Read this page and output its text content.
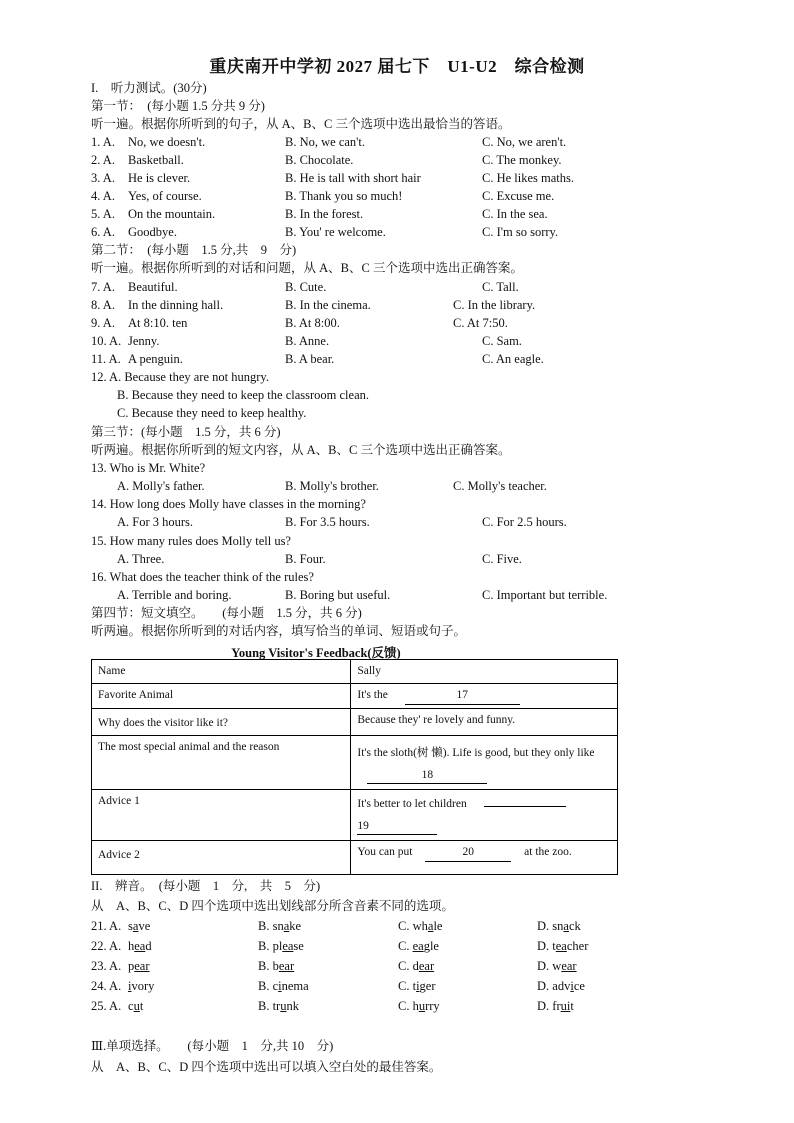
重庆南开中学初 2027 届七下　U1-U2　综合检测
I.　听力测试。(30分)
第一节：　(每小题 1.5 分共 9 分)
听一遍。根据你所听到的句子，从 A、B、C 三个选项中选出最恰当的答语。
1. A. No, we doesn't.	B. No, we can't.	C. No, we aren't.
2. A. Basketball.	B. Chocolate.	C. The monkey.
3. A. He is clever.	B. He is tall with short hair	C. He likes maths.
4. A. Yes, of course.	B. Thank you so much!	C. Excuse me.
5. A. On the mountain.	B. In the forest.	C. In the sea.
6. A. Goodbye.	B. You' re welcome.	C. I'm so sorry.
第二节：　(每小题　1.5 分,共　9　分)
听一遍。根据你所听到的对话和问题，从 A、B、C 三个选项中选出正确答案。
7. A. Beautiful.	B. Cute.	C. Tall.
8. A. In the dinning hall.	B. In the cinema.	C. In the library.
9. A. At 8:10. ten	B. At 8:00.	C. At 7:50.
10. A. Jenny.	B. Anne.	C. Sam.
11. A. A penguin.	B. A bear.	C. An eagle.
12. A. Because they are not hungry.
B. Because they need to keep the classroom clean.
C. Because they need to keep healthy.
第三节：(每小题　1.5 分，共 6 分)
听两遍。根据你所听到的短文内容，从 A、B、C 三个选项中选出正确答案。
13. Who is Mr. White?
A. Molly's father.	B. Molly's brother.	C. Molly's teacher.
14. How long does Molly have classes in the morning?
A. For 3 hours.	B. For 3.5 hours.	C. For 2.5 hours.
15. How many rules does Molly tell us?
A. Three.	B. Four.	C. Five.
16. What does the teacher think of the rules?
A. Terrible and boring.	B. Boring but useful.	C. Important but terrible.
第四节：短文填空。　　(每小题　1.5 分，共 6 分)
听两遍。根据你所听到的对话内容，填写恰当的单词、短语或句子。
Young Visitor's Feedback(反馈)
Name	Sally
Favorite Animal	It's the 17
Why does the visitor like it?	Because they' re lovely and funny.
The most special animal and the reason	It's the sloth(树 懒). Life is good, but they only like 18
Advice 1	It's better to let children
19
Advice 2	You can put 20 at the zoo.
II.　辨音。　(每小题　1　分,　共　5　分)
从　A、B、C、D 四个选项中选出划线部分所含音素不同的选项。
21. A. save	B. snake	C. whale	D. snack
22. A. head	B. please	C. eagle	D. teacher
23. A. pear	B. bear	C. dear	D. wear
24. A. ivory	B. cinema	C. tiger	D. advice
25. A. cut	B. trunk	C. hurry	D. fruit
Ⅲ.单项选择。　　(每小题　1　分,共 10　分)
从　A、B、C、D 四个选项中选出可以填入空白处的最佳答案。
